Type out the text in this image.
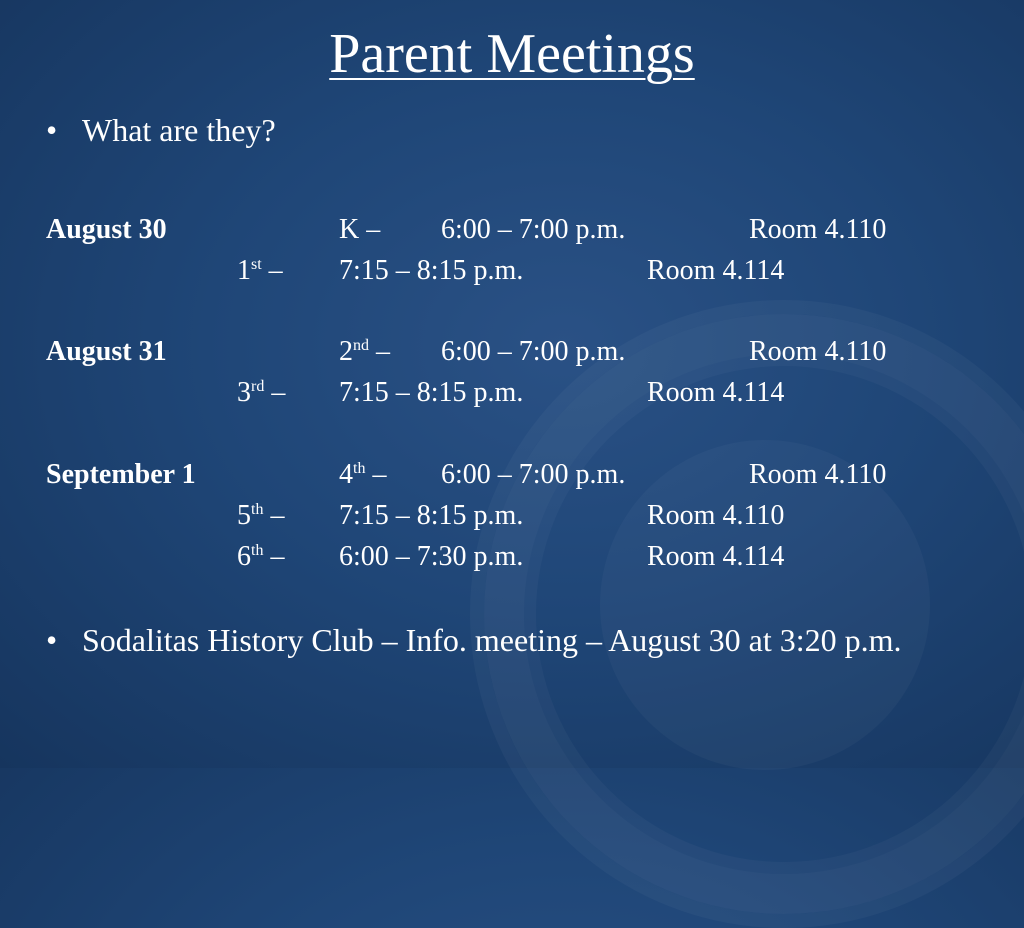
Parent Meetings
• What are they?
August 30	K – 6:00 – 7:00 p.m.	Room 4.110
1st – 7:15 – 8:15 p.m.	Room 4.114
August 31	2nd – 6:00 – 7:00 p.m.	Room 4.110
3rd – 7:15 – 8:15 p.m.	Room 4.114
September 1	4th – 6:00 – 7:00 p.m.	Room 4.110
5th – 7:15 – 8:15 p.m.	Room 4.110
6th – 6:00 – 7:30 p.m.	Room 4.114
• Sodalitas History Club – Info. meeting – August 30 at 3:20 p.m.
